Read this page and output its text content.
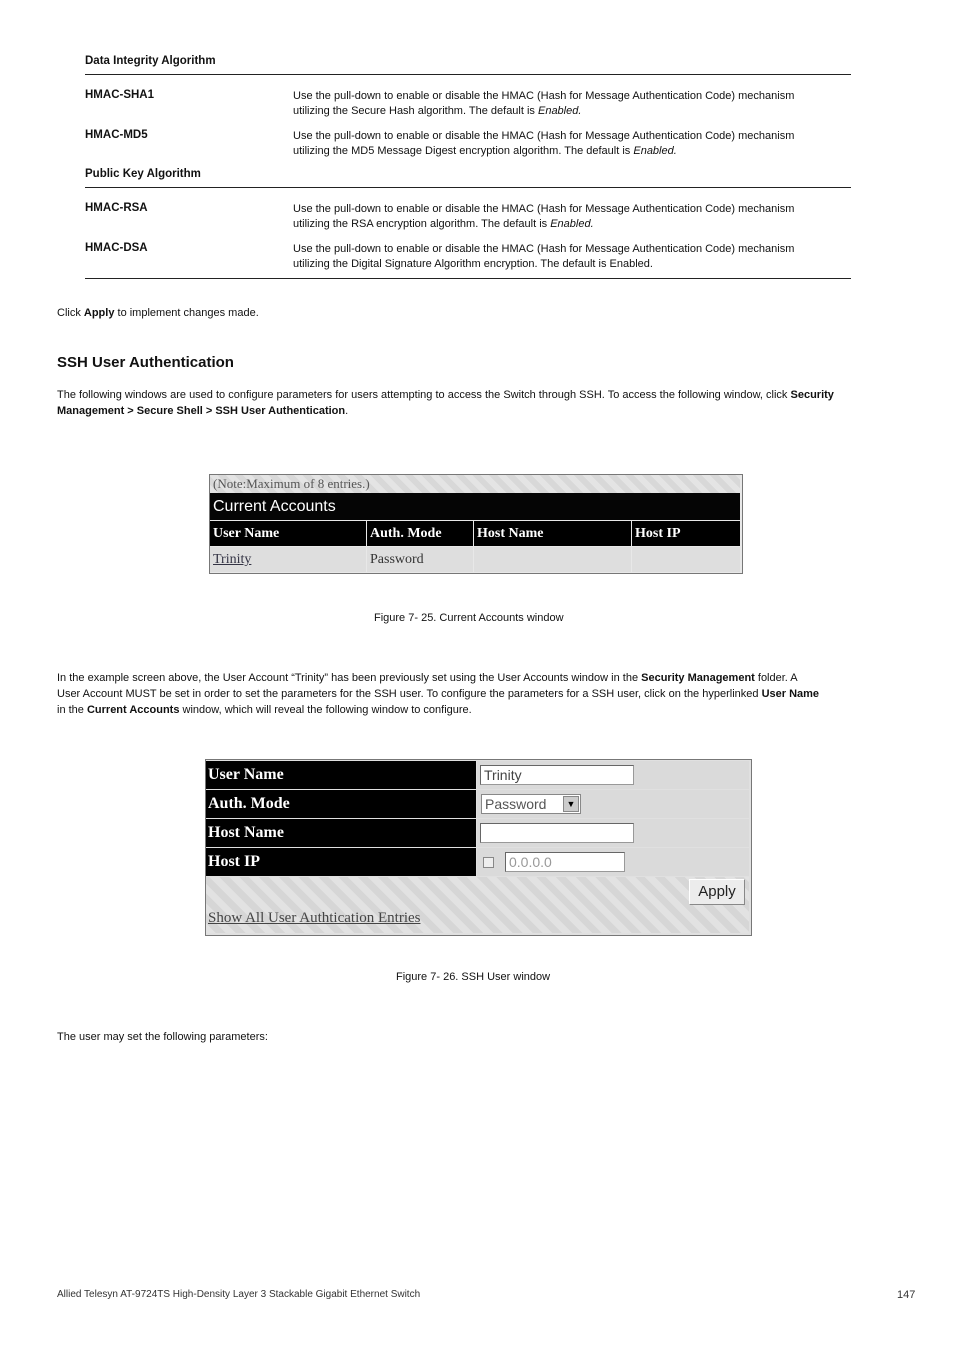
Data Integrity Algorithm
HMAC-SHA1	Use the pull-down to enable or disable the HMAC (Hash for Message Authentication Code) mechanism
utilizing the Secure Hash algorithm. The default is Enabled.
HMAC-MD5	Use the pull-down to enable or disable the HMAC (Hash for Message Authentication Code) mechanism
utilizing the MD5 Message Digest encryption algorithm. The default is Enabled.
Public Key Algorithm
HMAC-RSA	Use the pull-down to enable or disable the HMAC (Hash for Message Authentication Code) mechanism
utilizing the RSA encryption algorithm. The default is Enabled.
HMAC-DSA	Use the pull-down to enable or disable the HMAC (Hash for Message Authentication Code) mechanism
utilizing the Digital Signature Algorithm encryption. The default is Enabled.
Click Apply to implement changes made.
SSH User Authentication
The following windows are used to configure parameters for users attempting to access the Switch through SSH. To access the following window, click Security
Management > Secure Shell > SSH User Authentication.
(Note:Maximum of 8 entries.)
Current Accounts
User Name	Auth. Mode	Host Name	Host IP
Trinity	Password
Figure 7- 25. Current Accounts window
In the example screen above, the User Account “Trinity” has been previously set using the User Accounts window in the Security Management folder. A
User Account MUST be set in order to set the parameters for the SSH user. To configure the parameters for a SSH user, click on the hyperlinked User Name
in the Current Accounts window, which will reveal the following window to configure.
User Name	Trinity
Auth. Mode	Password	▼
Host Name
Host IP	0.0.0.0
Apply
Show All User Authtication Entries
Figure 7- 26. SSH User window
The user may set the following parameters:
Allied Telesyn AT-9724TS High-Density Layer 3 Stackable Gigabit Ethernet Switch	147
